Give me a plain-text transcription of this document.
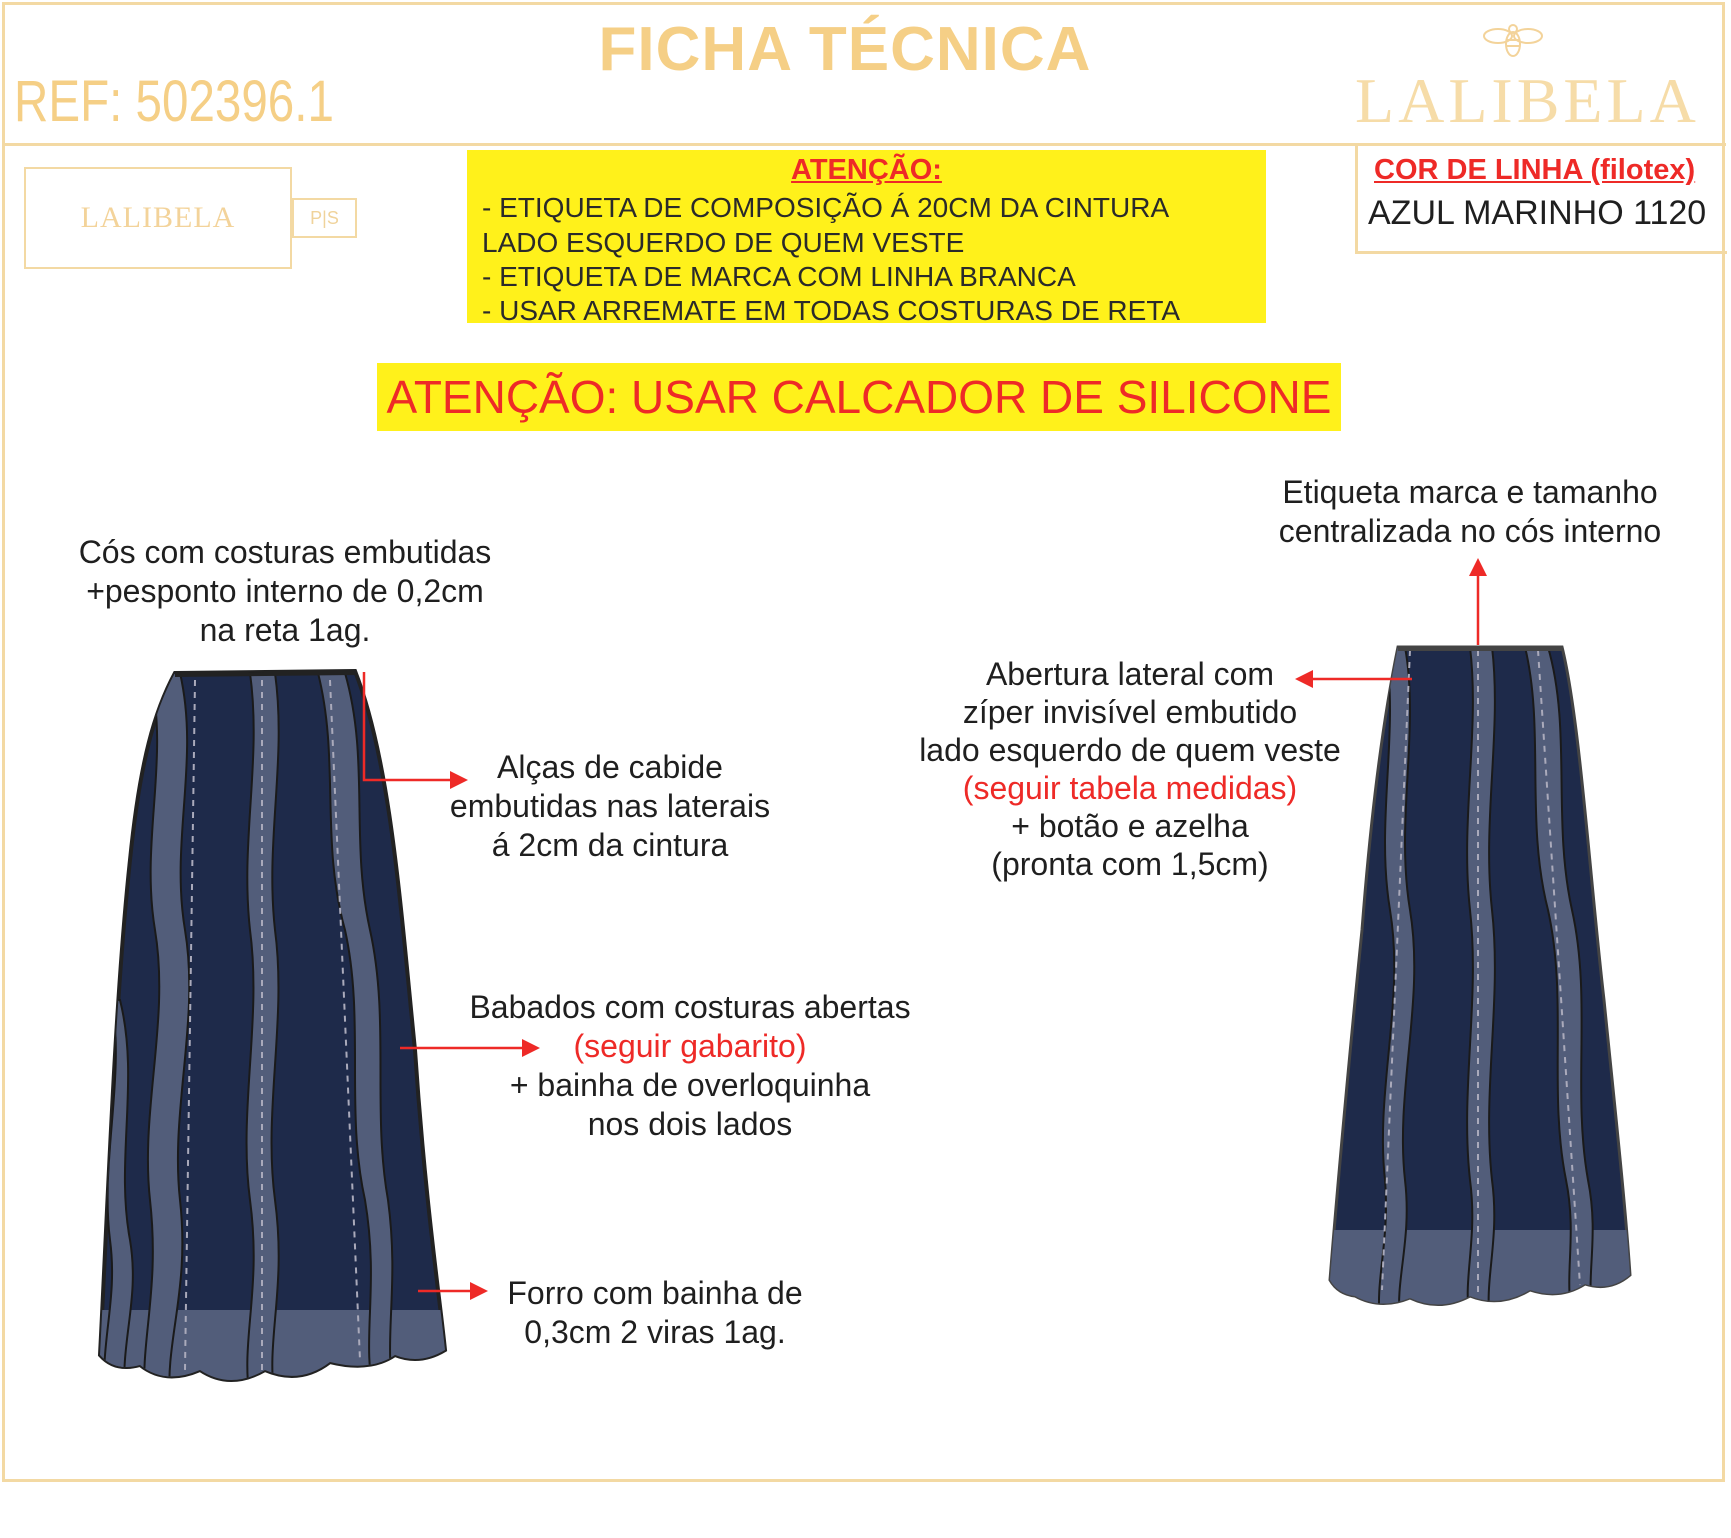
FICHA TÉCNICA
REF: 502396.1	LALIBELA
LALIBELA	P|S
ATENÇÃO:
- ETIQUETA DE COMPOSIÇÃO Á 20CM DA CINTURA
LADO ESQUERDO DE QUEM VESTE
- ETIQUETA DE MARCA COM LINHA BRANCA
- USAR ARREMATE EM TODAS COSTURAS DE RETA
COR DE LINHA (filotex)
AZUL MARINHO 1120
ATENÇÃO: USAR CALCADOR DE SILICONE
Cós com costuras embutidas
+pesponto interno de 0,2cm
na reta 1ag.
Alças de cabide
embutidas nas laterais
á 2cm da cintura
Babados com costuras abertas
(seguir gabarito)
+ bainha de overloquinha
nos dois lados
Forro com bainha de
0,3cm 2 viras 1ag.
Etiqueta marca e tamanho
centralizada no cós interno
Abertura lateral com
zíper invisível embutido
lado esquerdo de quem veste
(seguir tabela medidas)
+ botão e azelha
(pronta com 1,5cm)
